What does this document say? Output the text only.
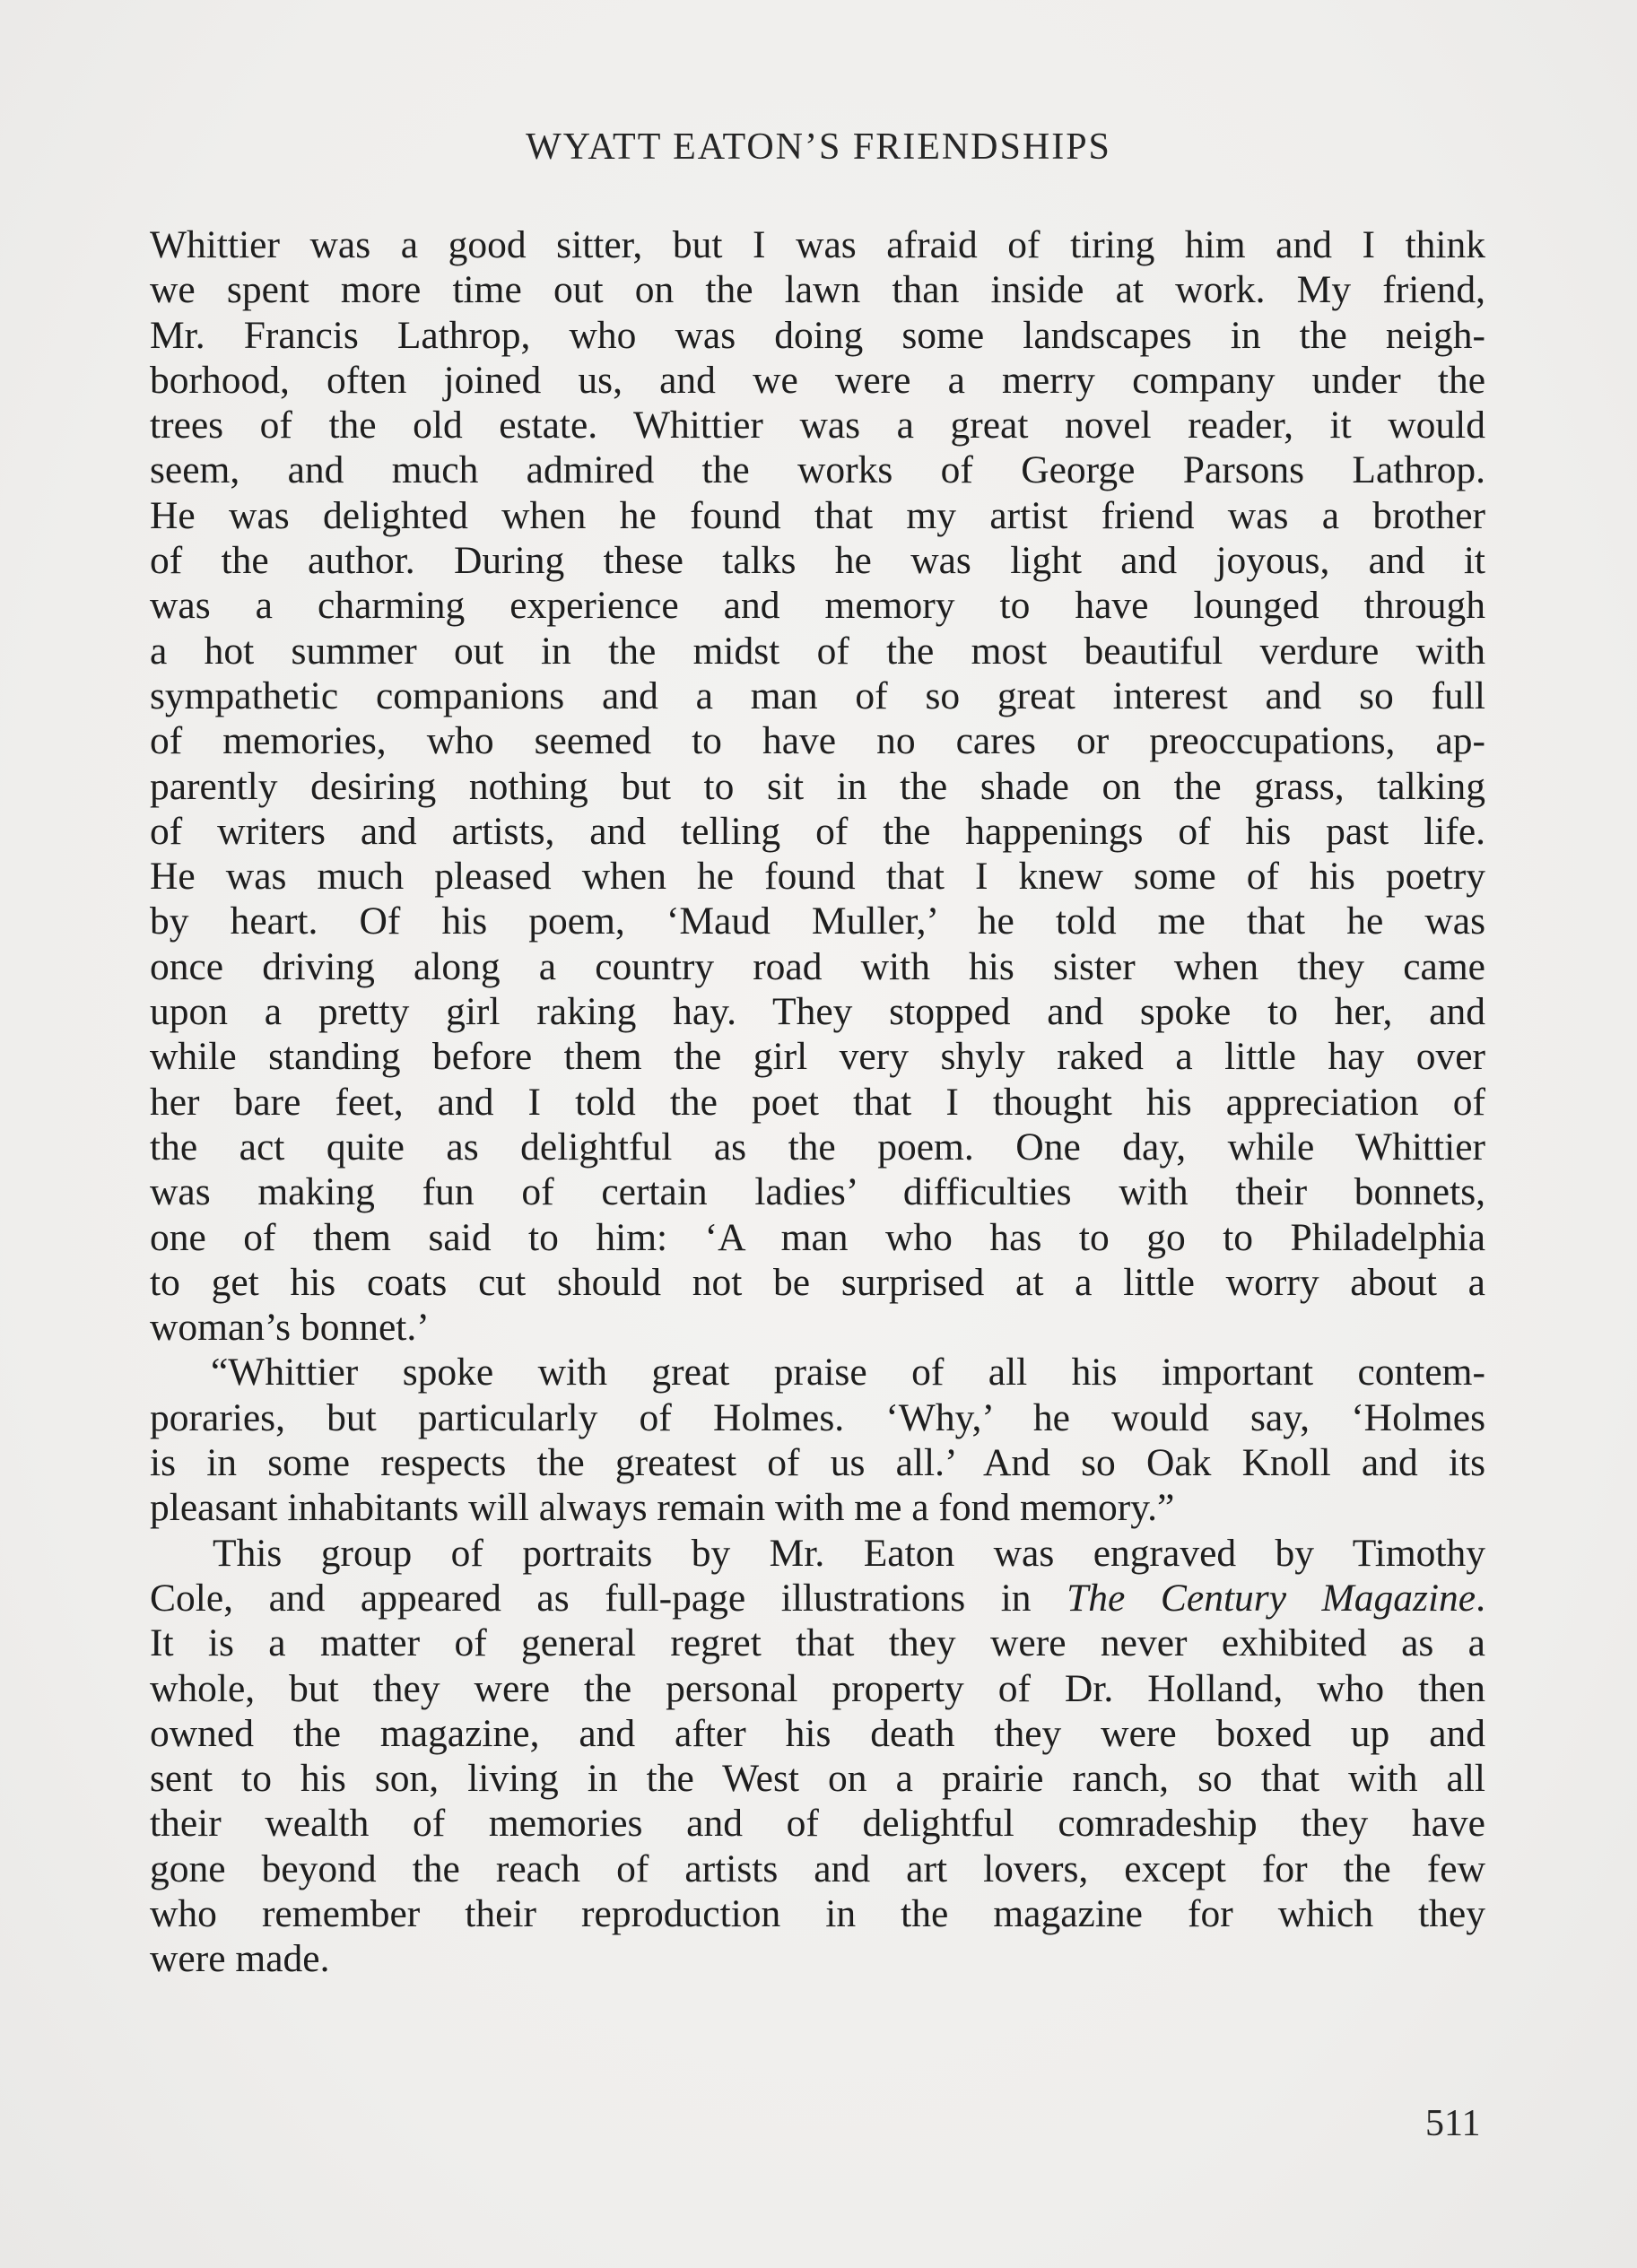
WYATT EATON’S FRIENDSHIPS
Whittier was a good sitter, but I was afraid of tiring him and I think
we spent more time out on the lawn than inside at work. My friend,
Mr. Francis Lathrop, who was doing some landscapes in the neigh-
borhood, often joined us, and we were a merry company under the
trees of the old estate. Whittier was a great novel reader, it would
seem, and much admired the works of George Parsons Lathrop.
He was delighted when he found that my artist friend was a brother
of the author. During these talks he was light and joyous, and it
was a charming experience and memory to have lounged through
a hot summer out in the midst of the most beautiful verdure with
sympathetic companions and a man of so great interest and so full
of memories, who seemed to have no cares or preoccupations, ap-
parently desiring nothing but to sit in the shade on the grass, talking
of writers and artists, and telling of the happenings of his past life.
He was much pleased when he found that I knew some of his poetry
by heart. Of his poem, ‘Maud Muller,’ he told me that he was
once driving along a country road with his sister when they came
upon a pretty girl raking hay. They stopped and spoke to her, and
while standing before them the girl very shyly raked a little hay over
her bare feet, and I told the poet that I thought his appreciation of
the act quite as delightful as the poem. One day, while Whittier
was making fun of certain ladies’ difficulties with their bonnets,
one of them said to him: ‘A man who has to go to Philadelphia
to get his coats cut should not be surprised at a little worry about a
woman’s bonnet.’
“Whittier spoke with great praise of all his important contem-
poraries, but particularly of Holmes. ‘Why,’ he would say, ‘Holmes
is in some respects the greatest of us all.’ And so Oak Knoll and its
pleasant inhabitants will always remain with me a fond memory.”
This group of portraits by Mr. Eaton was engraved by Timothy
Cole, and appeared as full-page illustrations in The Century Magazine.
It is a matter of general regret that they were never exhibited as a
whole, but they were the personal property of Dr. Holland, who then
owned the magazine, and after his death they were boxed up and
sent to his son, living in the West on a prairie ranch, so that with all
their wealth of memories and of delightful comradeship they have
gone beyond the reach of artists and art lovers, except for the few
who remember their reproduction in the magazine for which they
were made.
511
